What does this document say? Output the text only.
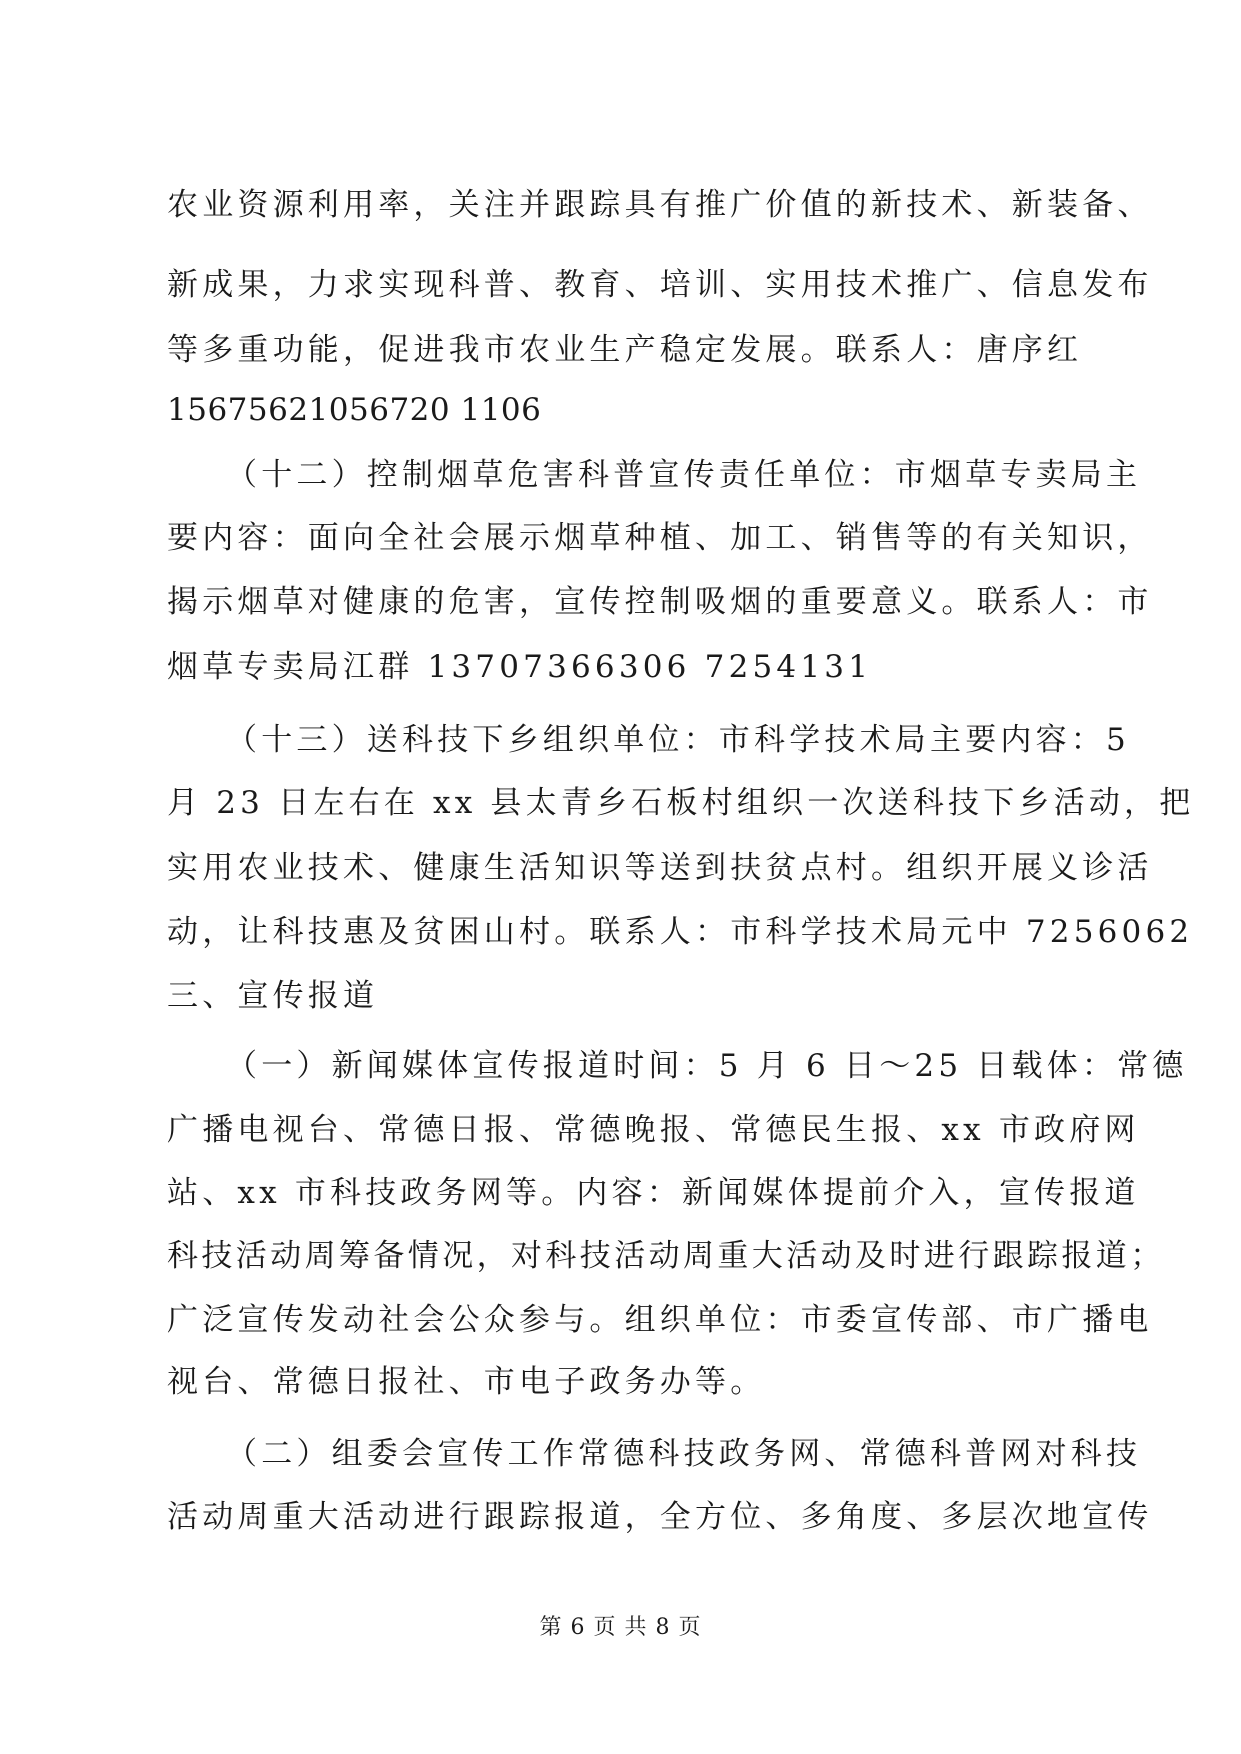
农业资源利用率，关注并跟踪具有推广价值的新技术、新装备、
新成果，力求实现科普、教育、培训、实用技术推广、信息发布
等多重功能，促进我市农业生产稳定发展。联系人：唐序红
15675621056720 1106
（十二）控制烟草危害科普宣传责任单位：市烟草专卖局主
要内容：面向全社会展示烟草种植、加工、销售等的有关知识，
揭示烟草对健康的危害，宣传控制吸烟的重要意义。联系人：市
烟草专卖局江群 13707366306 7254131
（十三）送科技下乡组织单位：市科学技术局主要内容：5
月 23 日左右在 xx 县太青乡石板村组织一次送科技下乡活动，把
实用农业技术、健康生活知识等送到扶贫点村。组织开展义诊活
动，让科技惠及贫困山村。联系人：市科学技术局元中 7256062
三、宣传报道
（一）新闻媒体宣传报道时间：5 月 6 日～25 日载体：常德
广播电视台、常德日报、常德晚报、常德民生报、xx 市政府网
站、xx 市科技政务网等。内容：新闻媒体提前介入，宣传报道
科技活动周筹备情况，对科技活动周重大活动及时进行跟踪报道；
广泛宣传发动社会公众参与。组织单位：市委宣传部、市广播电
视台、常德日报社、市电子政务办等。
（二）组委会宣传工作常德科技政务网、常德科普网对科技
活动周重大活动进行跟踪报道，全方位、多角度、多层次地宣传
第 6 页 共 8 页
